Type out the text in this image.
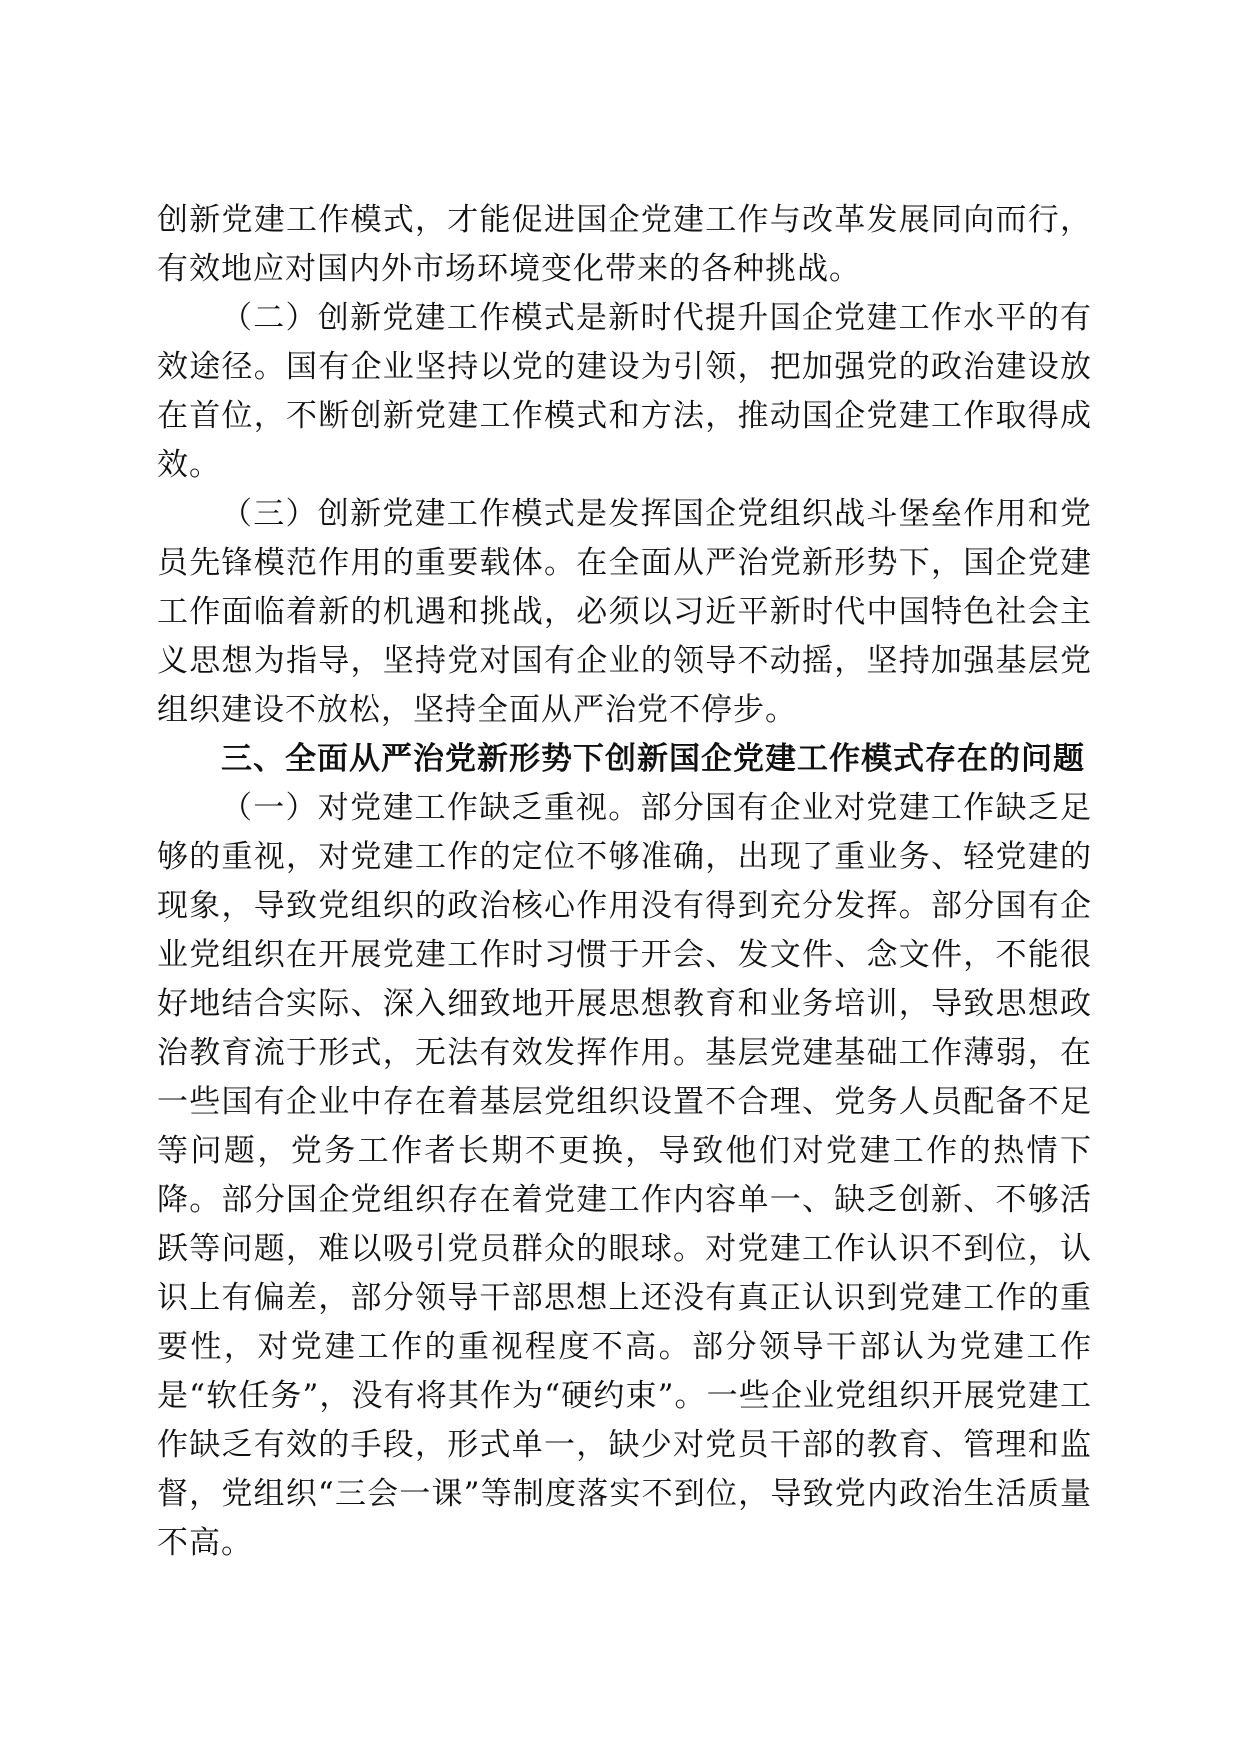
创新党建工作模式，才能促进国企党建工作与改革发展同向而行，有效地应对国内外市场环境变化带来的各种挑战。

（二）创新党建工作模式是新时代提升国企党建工作水平的有效途径。国有企业坚持以党的建设为引领，把加强党的政治建设放在首位，不断创新党建工作模式和方法，推动国企党建工作取得成效。

（三）创新党建工作模式是发挥国企党组织战斗堡垒作用和党员先锋模范作用的重要载体。在全面从严治党新形势下，国企党建工作面临着新的机遇和挑战，必须以习近平新时代中国特色社会主义思想为指导，坚持党对国有企业的领导不动摇，坚持加强基层党组织建设不放松，坚持全面从严治党不停步。

三、全面从严治党新形势下创新国企党建工作模式存在的问题

（一）对党建工作缺乏重视。部分国有企业对党建工作缺乏足够的重视，对党建工作的定位不够准确，出现了重业务、轻党建的现象，导致党组织的政治核心作用没有得到充分发挥。部分国有企业党组织在开展党建工作时习惯于开会、发文件、念文件，不能很好地结合实际、深入细致地开展思想教育和业务培训，导致思想政治教育流于形式，无法有效发挥作用。基层党建基础工作薄弱，在一些国有企业中存在着基层党组织设置不合理、党务人员配备不足等问题，党务工作者长期不更换，导致他们对党建工作的热情下降。部分国企党组织存在着党建工作内容单一、缺乏创新、不够活跃等问题，难以吸引党员群众的眼球。对党建工作认识不到位，认识上有偏差，部分领导干部思想上还没有真正认识到党建工作的重要性，对党建工作的重视程度不高。部分领导干部认为党建工作是“软任务”，没有将其作为“硬约束”。一些企业党组织开展党建工作缺乏有效的手段，形式单一，缺少对党员干部的教育、管理和监督，党组织“三会一课”等制度落实不到位，导致党内政治生活质量不高。
